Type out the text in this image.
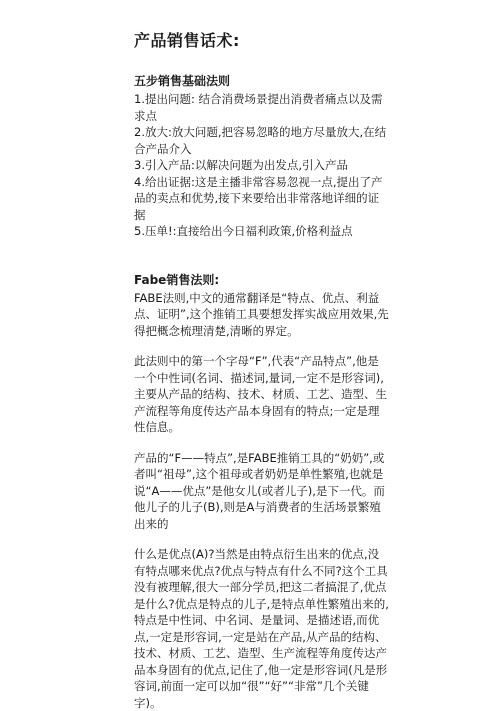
产品销售话术:
五步销售基础法则

1.提出问题: 结合消费场景提出消费者痛点以及需求点

2.放大:放大问题,把容易忽略的地方尽量放大,在结合产品介入

3.引入产品:以解决问题为出发点,引入产品

4.给出证据:这是主播非常容易忽视一点,提出了产品的卖点和优势,接下来要给出非常落地详细的证据

5.压单!:直接给出今日福利政策,价格利益点

Fabe销售法则:

FABE法则,中文的通常翻译是“特点、优点、利益点、证明”,这个推销工具要想发挥实战应用效果,先得把概念梳理清楚,清晰的界定。

此法则中的第一个字母“F”,代表“产品特点”,他是一个中性词(名词、描述词,量词,一定不是形容词),主要从产品的结构、技术、材质、工艺、造型、生产流程等角度传达产品本身固有的特点;一定是理性信息。

产品的“F——特点”,是FABE推销工具的“奶奶”,或者叫“祖母”,这个祖母或者奶奶是单性繁殖,也就是说“A——优点”是他女儿(或者儿子),是下一代。而他儿子的儿子(B),则是A与消费者的生活场景繁殖出来的

什么是优点(A)?当然是由特点衍生出来的优点,没有特点哪来优点?优点与特点有什么不同?这个工具没有被理解,很大一部分学员,把这二者搞混了,优点是什么?优点是特点的儿子,是特点单性繁殖出来的,特点是中性词、中名词、是量词、是描述语,而优点,一定是形容词,一定是站在产品,从产品的结构、技术、材质、工艺、造型、生产流程等角度传达产品本身固有的优点,记住了,他一定是形容词(凡是形容词,前面一定可以加“很”“好”“非常”几个关键字)。
